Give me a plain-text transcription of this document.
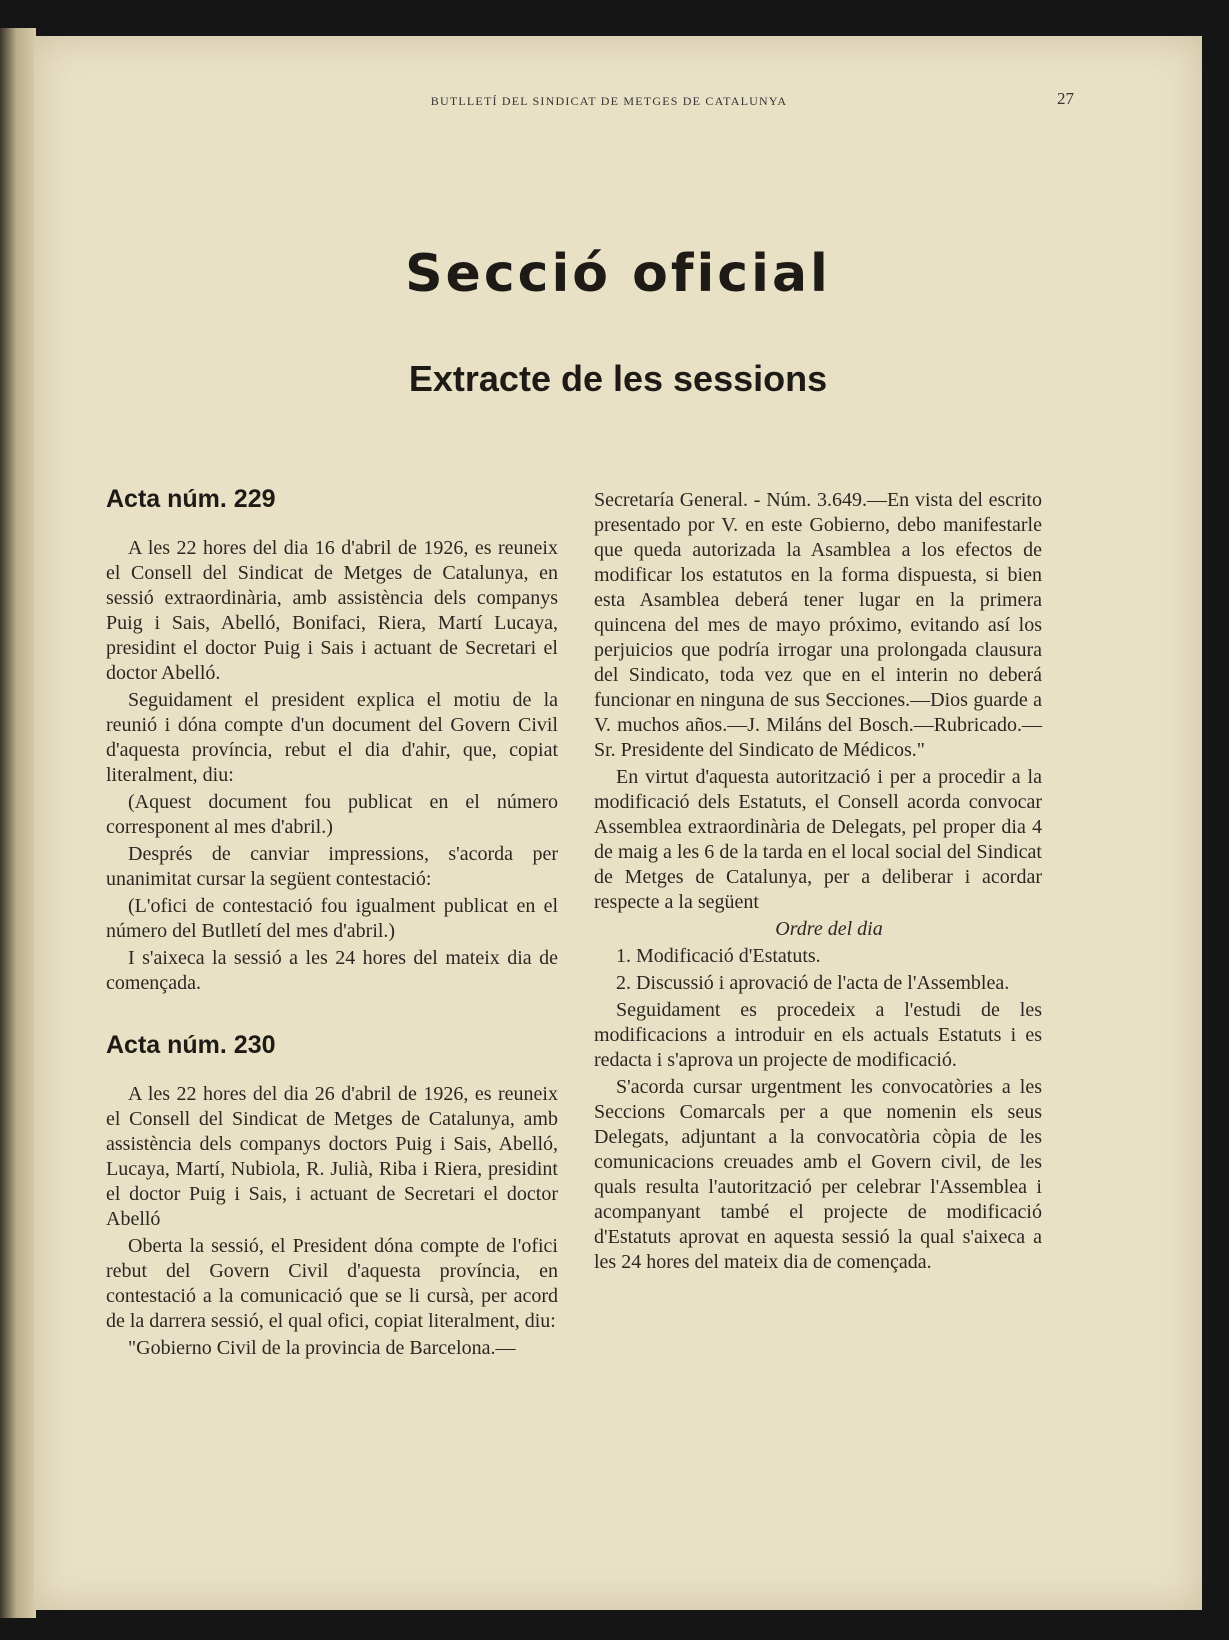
BUTLLETÍ DEL SINDICAT DE METGES DE CATALUNYA	27
Secció oficial
Extracte de les sessions
Acta núm. 229

A les 22 hores del dia 16 d'abril de 1926, es reuneix el Consell del Sindicat de Metges de Catalunya, en sessió extraordinària, amb assistència dels companys Puig i Sais, Abelló, Bonifaci, Riera, Martí Lucaya, presidint el doctor Puig i Sais i actuant de Secretari el doctor Abelló.

Seguidament el president explica el motiu de la reunió i dóna compte d'un document del Govern Civil d'aquesta província, rebut el dia d'ahir, que, copiat literalment, diu:

(Aquest document fou publicat en el número corresponent al mes d'abril.)

Després de canviar impressions, s'acorda per unanimitat cursar la següent contestació:

(L'ofici de contestació fou igualment publicat en el número del Butlletí del mes d'abril.)

I s'aixeca la sessió a les 24 hores del mateix dia de començada.

Acta núm. 230

A les 22 hores del dia 26 d'abril de 1926, es reuneix el Consell del Sindicat de Metges de Catalunya, amb assistència dels companys doctors Puig i Sais, Abelló, Lucaya, Martí, Nubiola, R. Julià, Riba i Riera, presidint el doctor Puig i Sais, i actuant de Secretari el doctor Abelló

Oberta la sessió, el President dóna compte de l'ofici rebut del Govern Civil d'aquesta província, en contestació a la comunicació que se li cursà, per acord de la darrera sessió, el qual ofici, copiat literalment, diu:

"Gobierno Civil de la provincia de Barcelona.—

Secretaría General. - Núm. 3.649.—En vista del escrito presentado por V. en este Gobierno, debo manifestarle que queda autorizada la Asamblea a los efectos de modificar los estatutos en la forma dispuesta, si bien esta Asamblea deberá tener lugar en la primera quincena del mes de mayo próximo, evitando así los perjuicios que podría irrogar una prolongada clausura del Sindicato, toda vez que en el interin no deberá funcionar en ninguna de sus Secciones.—Dios guarde a V. muchos años.—J. Miláns del Bosch.—Rubricado.— Sr. Presidente del Sindicato de Médicos."

En virtut d'aquesta autorització i per a procedir a la modificació dels Estatuts, el Consell acorda convocar Assemblea extraordinària de Delegats, pel proper dia 4 de maig a les 6 de la tarda en el local social del Sindicat de Metges de Catalunya, per a deliberar i acordar respecte a la següent

Ordre del dia

1. Modificació d'Estatuts.

2. Discussió i aprovació de l'acta de l'Assemblea.

Seguidament es procedeix a l'estudi de les modificacions a introduir en els actuals Estatuts i es redacta i s'aprova un projecte de modificació.

S'acorda cursar urgentment les convocatòries a les Seccions Comarcals per a que nomenin els seus Delegats, adjuntant a la convocatòria còpia de les comunicacions creuades amb el Govern civil, de les quals resulta l'autorització per celebrar l'Assemblea i acompanyant també el projecte de modificació d'Estatuts aprovat en aquesta sessió la qual s'aixeca a les 24 hores del mateix dia de començada.
